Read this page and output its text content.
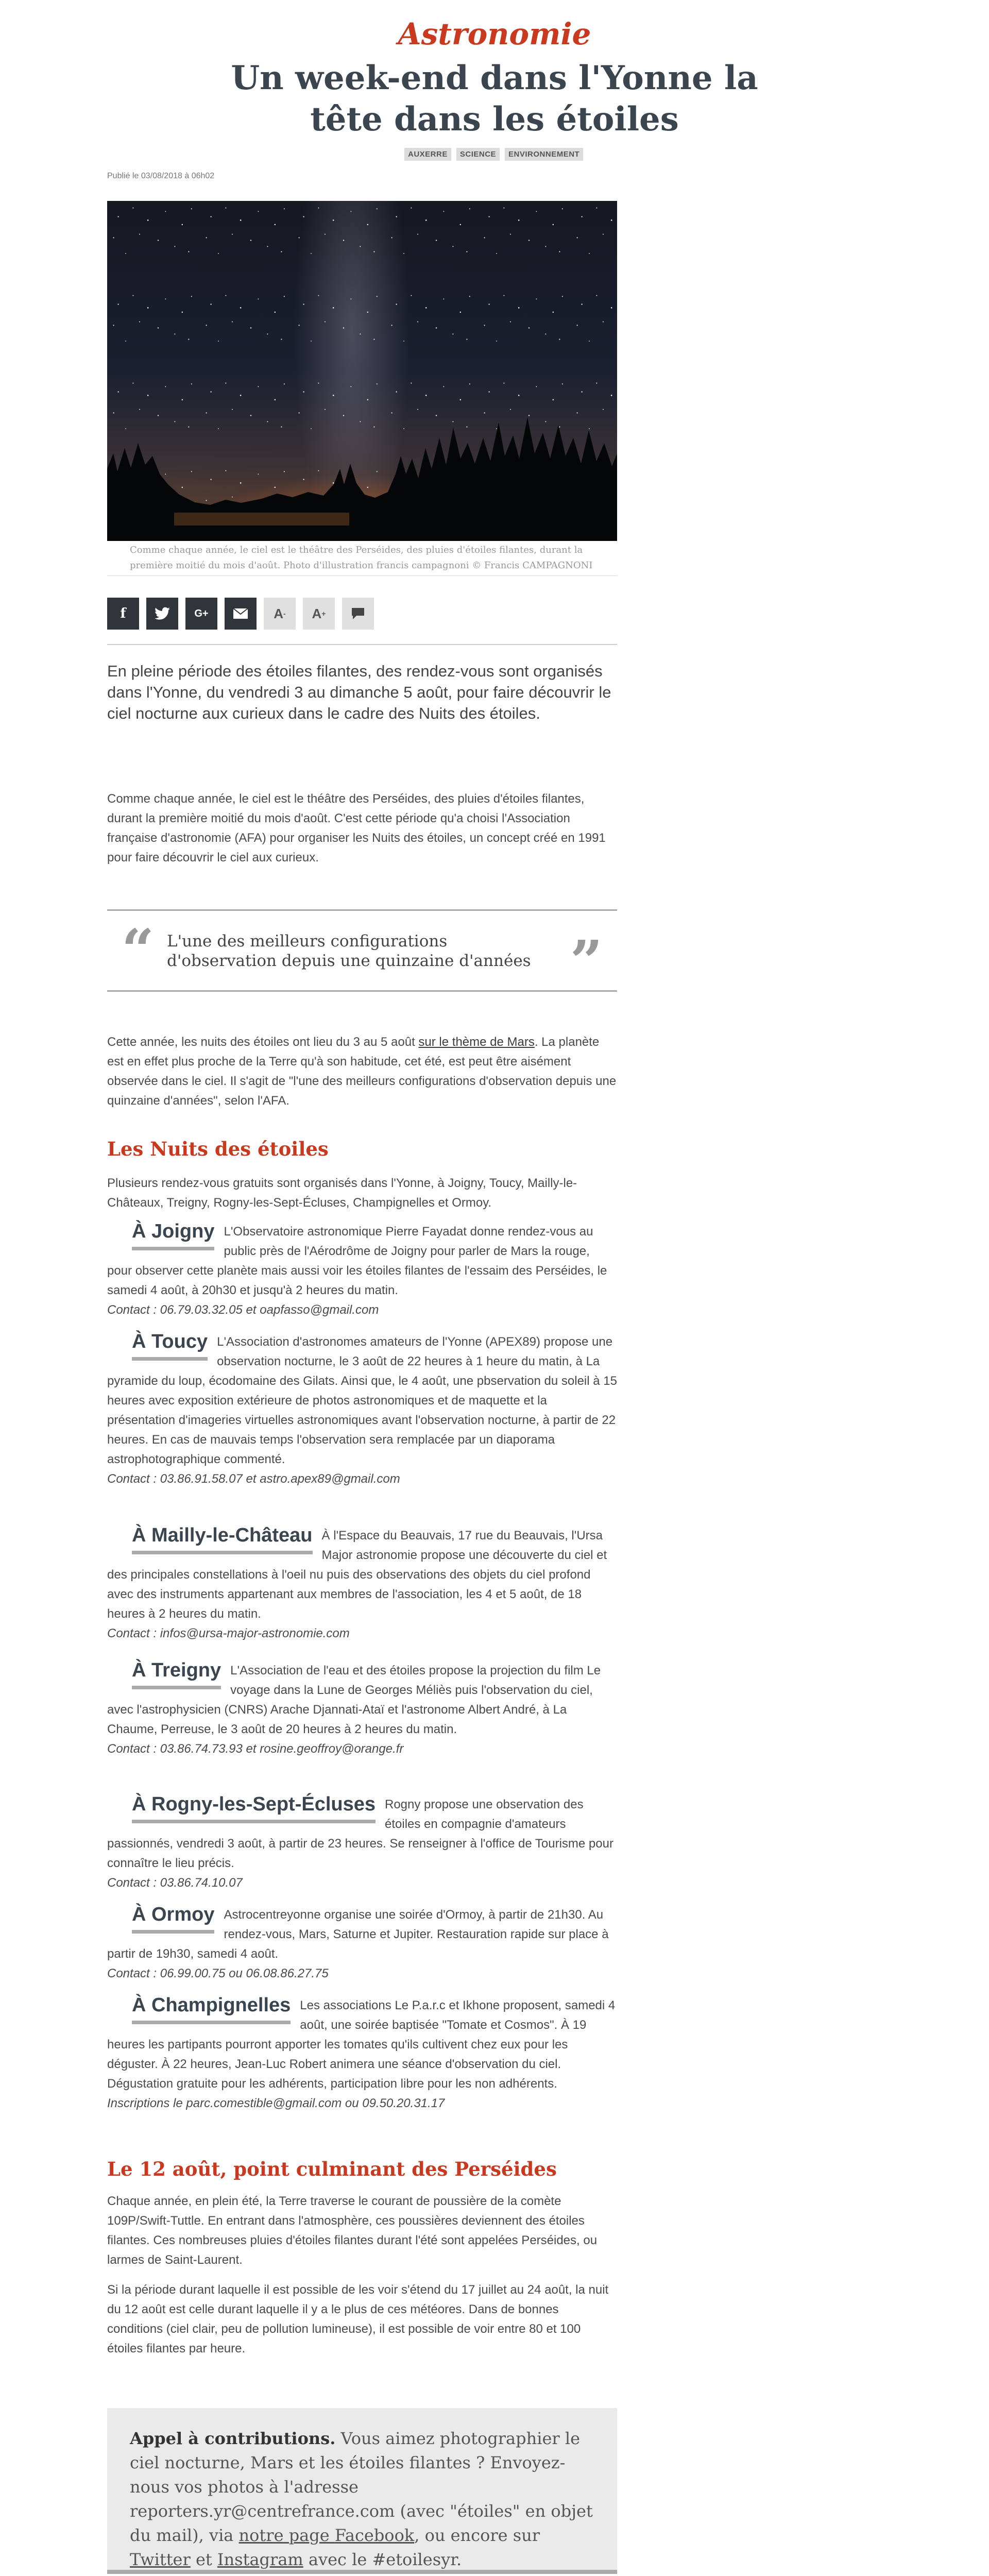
Astronomie
Un week-end dans l'Yonne la tête dans les étoiles
AUXERRE	SCIENCE	ENVIRONNEMENT
Publié le 03/08/2018 à 06h02
Comme chaque année, le ciel est le théâtre des Perséides, des pluies d'étoiles filantes, durant la première moitié du mois d'août. Photo d'illustration francis campagnoni © Francis CAMPAGNONI
f	G+	A - A +

En pleine période des étoiles filantes, des rendez-vous sont organisés dans l'Yonne, du vendredi 3 au dimanche 5 août, pour faire découvrir le ciel nocturne aux curieux dans le cadre des Nuits des étoiles.

Comme chaque année, le ciel est le théâtre des Perséides, des pluies d'étoiles filantes, durant la première moitié du mois d'août. C'est cette période qu'a choisi l'Association française d'astronomie (AFA) pour organiser les Nuits des étoiles, un concept créé en 1991 pour faire découvrir le ciel aux curieux.

“ L'une des meilleurs configurations d'observation depuis une quinzaine d'années ”

Cette année, les nuits des étoiles ont lieu du 3 au 5 août sur le thème de Mars. La planète est en effet plus proche de la Terre qu'à son habitude, cet été, est peut être aisément observée dans le ciel. Il s'agit de "l'une des meilleurs configurations d'observation depuis une quinzaine d'années", selon l'AFA.

Les Nuits des étoiles

Plusieurs rendez-vous gratuits sont organisés dans l'Yonne, à Joigny, Toucy, Mailly-le-Châteaux, Treigny, Rogny-les-Sept-Écluses, Champignelles et Ormoy.

À Joigny L'Observatoire astronomique Pierre Fayadat donne rendez-vous au public près de l'Aérodrôme de Joigny pour parler de Mars la rouge, pour observer cette planète mais aussi voir les étoiles filantes de l'essaim des Perséides, le samedi 4 août, à 20h30 et jusqu'à 2 heures du matin.
Contact : 06.79.03.32.05 et oapfasso@gmail.com
À Toucy L'Association d'astronomes amateurs de l'Yonne (APEX89) propose une observation nocturne, le 3 août de 22 heures à 1 heure du matin, à La pyramide du loup, écodomaine des Gilats. Ainsi que, le 4 août, une pbservation du soleil à 15 heures avec exposition extérieure de photos astronomiques et de maquette et la présentation d'imageries virtuelles astronomiques avant l'observation nocturne, à partir de 22 heures. En cas de mauvais temps l'observation sera remplacée par un diaporama astrophotographique commenté.
Contact : 03.86.91.58.07 et astro.apex89@gmail.com
À Mailly-le-Château À l'Espace du Beauvais, 17 rue du Beauvais, l'Ursa Major astronomie propose une découverte du ciel et des principales constellations à l'oeil nu puis des observations des objets du ciel profond avec des instruments appartenant aux membres de l'association, les 4 et 5 août, de 18 heures à 2 heures du matin.
Contact : infos@ursa-major-astronomie.com
À Treigny L'Association de l'eau et des étoiles propose la projection du film Le voyage dans la Lune de Georges Méliès puis l'observation du ciel, avec l'astrophysicien (CNRS) Arache Djannati-Ataï et l'astronome Albert André, à La Chaume, Perreuse, le 3 août de 20 heures à 2 heures du matin.
Contact : 03.86.74.73.93 et rosine.geoffroy@orange.fr
À Rogny-les-Sept-Écluses Rogny propose une observation des étoiles en compagnie d'amateurs passionnés, vendredi 3 août, à partir de 23 heures. Se renseigner à l'office de Tourisme pour connaître le lieu précis.
Contact : 03.86.74.10.07
À Ormoy Astrocentreyonne organise une soirée d'Ormoy, à partir de 21h30. Au rendez-vous, Mars, Saturne et Jupiter. Restauration rapide sur place à partir de 19h30, samedi 4 août.
Contact : 06.99.00.75 ou 06.08.86.27.75
À Champignelles Les associations Le P.a.r.c et Ikhone proposent, samedi 4 août, une soirée baptisée "Tomate et Cosmos". À 19 heures les partipants pourront apporter les tomates qu'ils cultivent chez eux pour les déguster. À 22 heures, Jean-Luc Robert animera une séance d'observation du ciel. Dégustation gratuite pour les adhérents, participation libre pour les non adhérents.
Inscriptions le parc.comestible@gmail.com ou 09.50.20.31.17
Le 12 août, point culminant des Perséides

Chaque année, en plein été, la Terre traverse le courant de poussière de la comète 109P/Swift-Tuttle. En entrant dans l'atmosphère, ces poussières deviennent des étoiles filantes. Ces nombreuses pluies d'étoiles filantes durant l'été sont appelées Perséides, ou larmes de Saint-Laurent.

Si la période durant laquelle il est possible de les voir s'étend du 17 juillet au 24 août, la nuit du 12 août est celle durant laquelle il y a le plus de ces météores. Dans de bonnes conditions (ciel clair, peu de pollution lumineuse), il est possible de voir entre 80 et 100 étoiles filantes par heure.

Appel à contributions. Vous aimez photographier le ciel nocturne, Mars et les étoiles filantes ? Envoyez-nous vos photos à l'adresse reporters.yr@centrefrance.com (avec "étoiles" en objet du mail), via notre page Facebook, ou encore sur Twitter et Instagram avec le #etoilesyr.
